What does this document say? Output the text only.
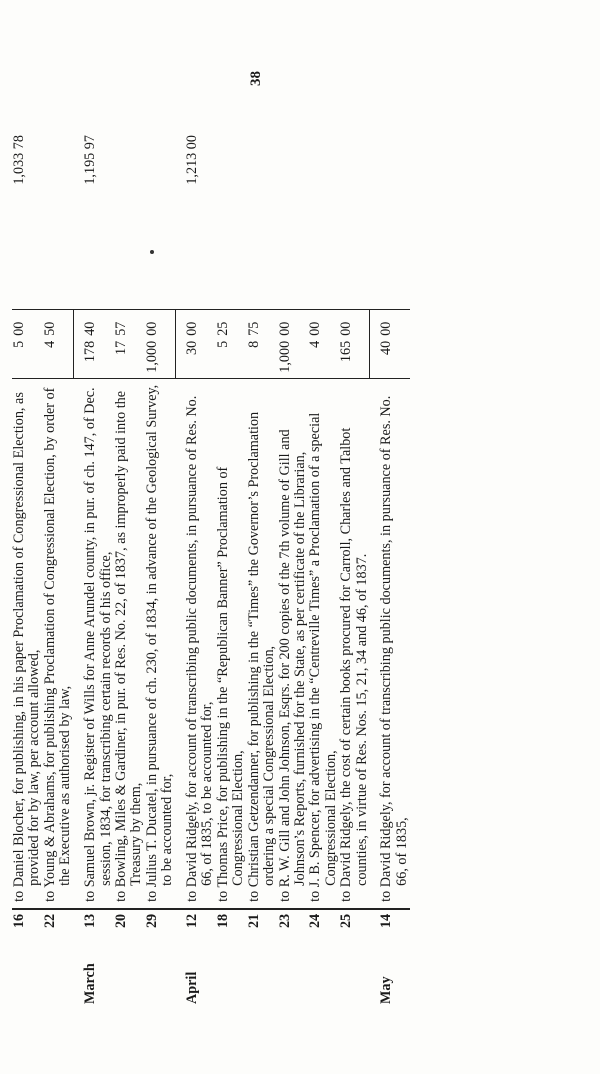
38
	16	to Daniel Blocher, for publishing, in his paper Proclamation of Congressional Election, as provided for by law, per account allowed,	5	00		1,033 78
	22	to Young & Abrahams, for publishing Proclamation of Congressional Election, by order of the Executive as authorised by law,	4	50		

March	13	to Samuel Brown, jr. Register of Wills for Anne Arundel county, in pur. of ch. 147, of Dec. session, 1834, for transcribing certain records of his office,	178	40		1,195 97
	20	to Bowling, Miles & Gardiner, in pur. of Res. No. 22, of 1837, as improperly paid into the Treasury by them,	17	57		
	29	to Julius T. Ducatel, in pursuance of ch. 230, of 1834, in advance of the Geological Survey, to be accounted for,	1,000	00		

April	12	to David Ridgely, for account of transcribing public documents, in pursuance of Res. No. 66, of 1835, to be accounted for,	30	00		1,213 00
	18	to Thomas Price, for publishing in the “Republican Banner” Proclamation of Congressional Election,	5	25		
	21	to Christian Getzendanner, for publishing in the “Times” the Governor’s Proclamation ordering a special Congressional Election,	8	75		
	23	to R. W. Gill and John Johnson, Esqrs. for 200 copies of the 7th volume of Gill and Johnson’s Reports, furnished for the State, as per certificate of the Librarian,	1,000	00		
	24	to J. B. Spencer, for advertising in the “Centreville Times” a Proclamation of a special Congressional Election,	4	00		
	25	to David Ridgely, the cost of certain books procured for Carroll, Charles and Talbot counties, in virtue of Res. Nos. 15, 21, 34 and 46, of 1837.	165	00		

May	14	to David Ridgely, for account of transcribing public documents, in pursuance of Res. No. 66, of 1835,	40	00		
